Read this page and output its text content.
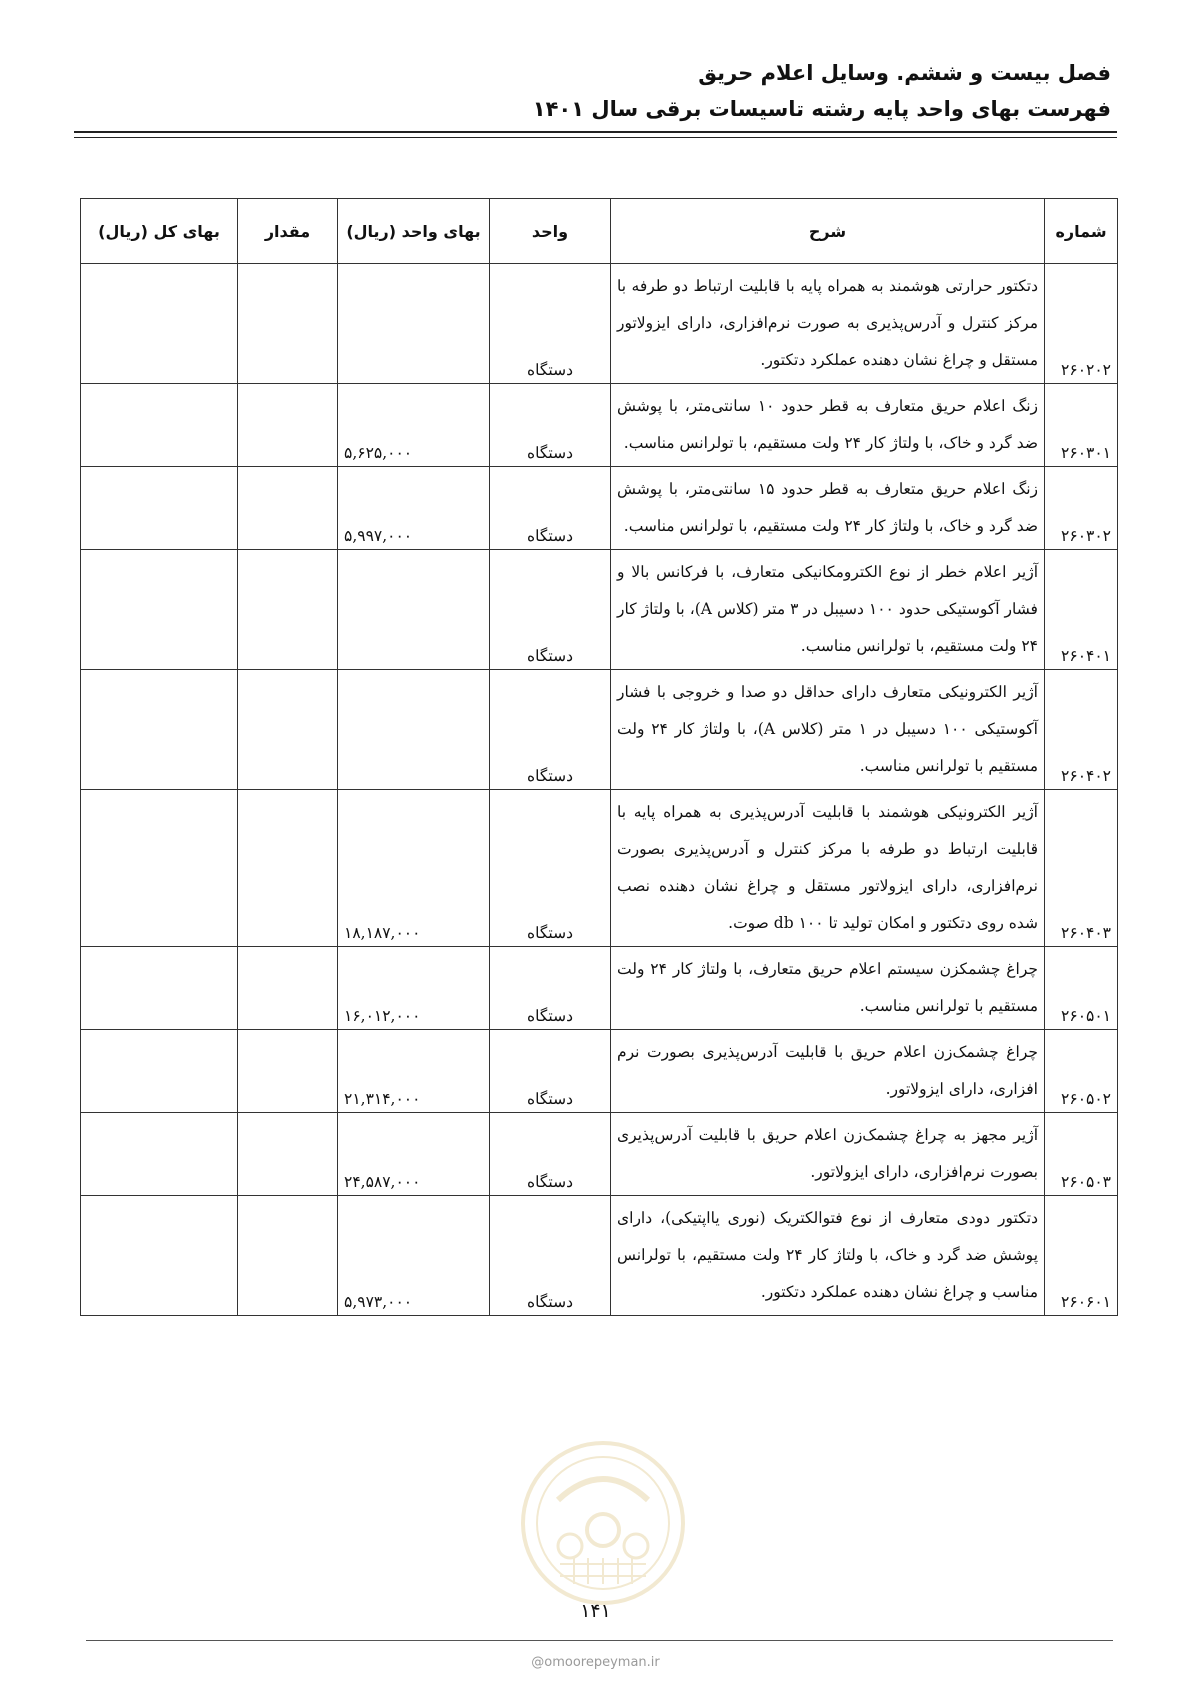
فصل بیست و ششم. وسایل اعلام حریق

فهرست بهای واحد پایه رشته تاسیسات برقی سال ۱۴۰۱

شماره	شرح	واحد	بهای واحد (ریال)	مقدار	بهای کل (ریال)
۲۶۰۲۰۲	دتکتور حرارتی هوشمند به همراه پایه با قابلیت ارتباط دو طرفه با مرکز کنترل و آدرس‌پذیری به صورت نرم‌افزاری، دارای ایزولاتور مستقل و چراغ نشان دهنده عملکرد دتکتور.	دستگاه			
۲۶۰۳۰۱	زنگ اعلام حریق متعارف به قطر حدود ۱۰ سانتی‌متر، با پوشش ضد گرد و خاک، با ولتاژ کار ۲۴ ولت مستقیم، با تولرانس مناسب.	دستگاه	۵,۶۲۵,۰۰۰		
۲۶۰۳۰۲	زنگ اعلام حریق متعارف به قطر حدود ۱۵ سانتی‌متر، با پوشش ضد گرد و خاک، با ولتاژ کار ۲۴ ولت مستقیم، با تولرانس مناسب.	دستگاه	۵,۹۹۷,۰۰۰		
۲۶۰۴۰۱	آژیر اعلام خطر از نوع الکترومکانیکی متعارف، با فرکانس بالا و فشار آکوستیکی حدود ۱۰۰ دسیبل در ۳ متر (کلاس A)، با ولتاژ کار ۲۴ ولت مستقیم، با تولرانس مناسب.	دستگاه			
۲۶۰۴۰۲	آژیر الکترونیکی متعارف دارای حداقل دو صدا و خروجی با فشار آکوستیکی ۱۰۰ دسیبل در ۱ متر (کلاس A)، با ولتاژ کار ۲۴ ولت مستقیم با تولرانس مناسب.	دستگاه			
۲۶۰۴۰۳	آژیر الکترونیکی هوشمند با قابلیت آدرس‌پذیری به همراه پایه با قابلیت ارتباط دو طرفه با مرکز کنترل و آدرس‌پذیری بصورت نرم‌افزاری، دارای ایزولاتور مستقل و چراغ نشان دهنده نصب شده روی دتکتور و امکان تولید تا ۱۰۰ db صوت.	دستگاه	۱۸,۱۸۷,۰۰۰		
۲۶۰۵۰۱	چراغ چشمکزن سیستم اعلام حریق متعارف، با ولتاژ کار ۲۴ ولت مستقیم با تولرانس مناسب.	دستگاه	۱۶,۰۱۲,۰۰۰		
۲۶۰۵۰۲	چراغ چشمک‌زن اعلام حریق با قابلیت آدرس‌پذیری بصورت نرم افزاری، دارای ایزولاتور.	دستگاه	۲۱,۳۱۴,۰۰۰		
۲۶۰۵۰۳	آژیر مجهز به چراغ چشمک‌زن اعلام حریق با قابلیت آدرس‌پذیری بصورت نرم‌افزاری، دارای ایزولاتور.	دستگاه	۲۴,۵۸۷,۰۰۰		
۲۶۰۶۰۱	دتکتور دودی متعارف از نوع فتوالکتریک (نوری یااپتیکی)، دارای پوشش ضد گرد و خاک، با ولتاژ کار ۲۴ ولت مستقیم، با تولرانس مناسب و چراغ نشان دهنده عملکرد دتکتور.	دستگاه	۵,۹۷۳,۰۰۰		
۱۴۱
@omoorepeyman.ir
